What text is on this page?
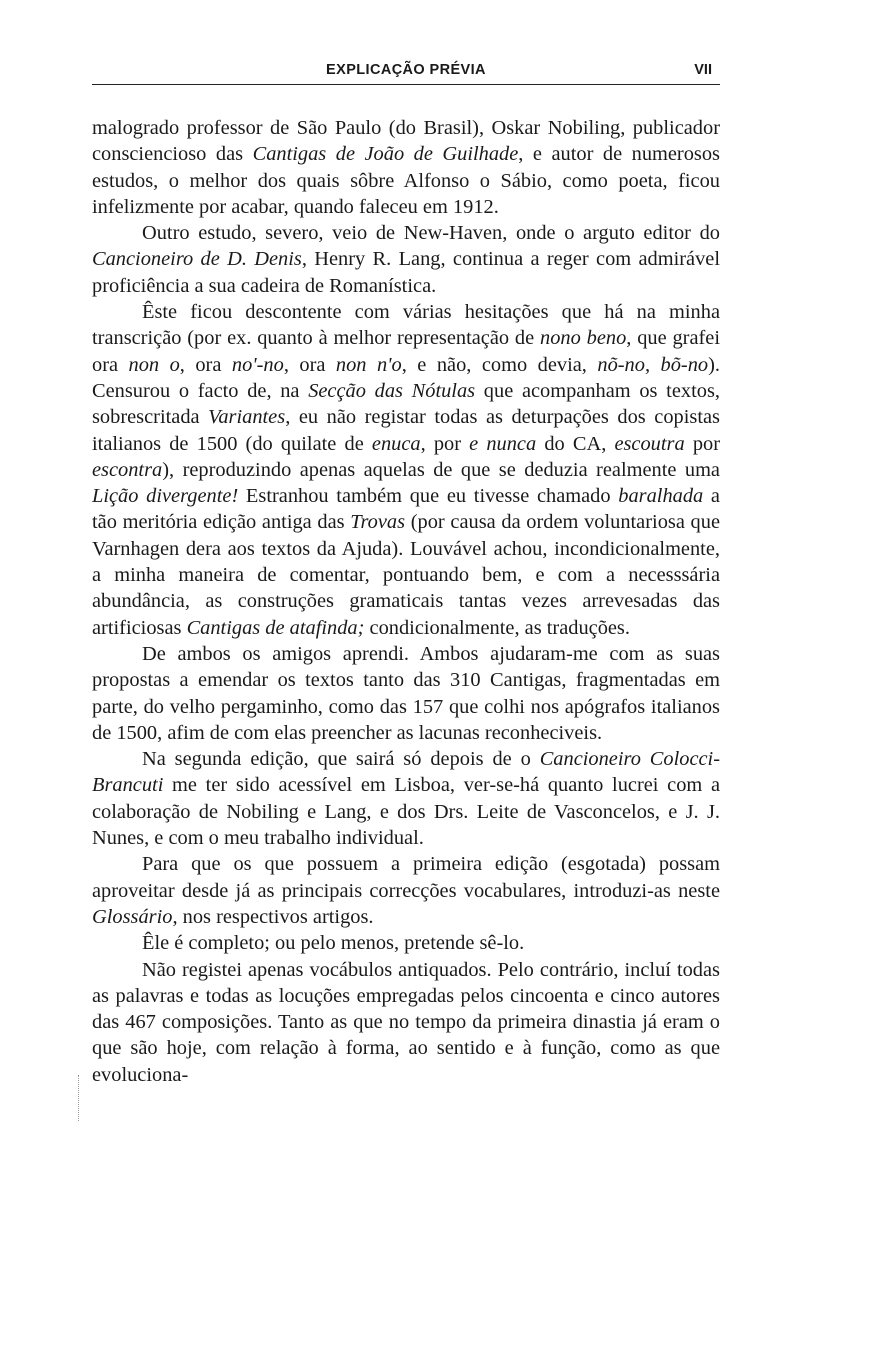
EXPLICAÇÃO PRÉVIA	VII

malogrado professor de São Paulo (do Brasil), Oskar Nobiling, publicador consciencioso das Cantigas de João de Guilhade, e autor de numerosos estudos, o melhor dos quais sôbre Alfonso o Sábio, como poeta, ficou infelizmente por acabar, quando faleceu em 1912.

Outro estudo, severo, veio de New-Haven, onde o arguto editor do Cancioneiro de D. Denis, Henry R. Lang, continua a reger com admirável proficiência a sua cadeira de Romanística.

Êste ficou descontente com várias hesitações que há na minha transcrição (por ex. quanto à melhor representação de nono beno, que grafei ora non o, ora no'-no, ora non n'o, e não, como devia, nõ-no, bõ-no). Censurou o facto de, na Secção das Nótulas que acompanham os textos, sobrescritada Variantes, eu não registar todas as deturpações dos copistas italianos de 1500 (do quilate de enuca, por e nunca do CA, escoutra por escontra), reproduzindo apenas aquelas de que se deduzia realmente uma Lição divergente! Estranhou também que eu tivesse chamado baralhada a tão meritória edição antiga das Trovas (por causa da ordem voluntariosa que Varnhagen dera aos textos da Ajuda). Louvável achou, incondicionalmente, a minha maneira de comentar, pontuando bem, e com a necesssária abundância, as construções gramaticais tantas vezes arrevesadas das artificiosas Cantigas de atafinda; condicionalmente, as traduções.

De ambos os amigos aprendi. Ambos ajudaram-me com as suas propostas a emendar os textos tanto das 310 Cantigas, fragmentadas em parte, do velho pergaminho, como das 157 que colhi nos apógrafos italianos de 1500, afim de com elas preencher as lacunas reconheciveis.

Na segunda edição, que sairá só depois de o Cancioneiro Colocci-Brancuti me ter sido acessível em Lisboa, ver-se-há quanto lucrei com a colaboração de Nobiling e Lang, e dos Drs. Leite de Vasconcelos, e J. J. Nunes, e com o meu trabalho individual.

Para que os que possuem a primeira edição (esgotada) possam aproveitar desde já as principais correcções vocabulares, introduzi-as neste Glossário, nos respectivos artigos.

Êle é completo; ou pelo menos, pretende sê-lo.

Não registei apenas vocábulos antiquados. Pelo contrário, incluí todas as palavras e todas as locuções empregadas pelos cincoenta e cinco autores das 467 composições. Tanto as que no tempo da primeira dinastia já eram o que são hoje, com relação à forma, ao sentido e à função, como as que evoluciona-
